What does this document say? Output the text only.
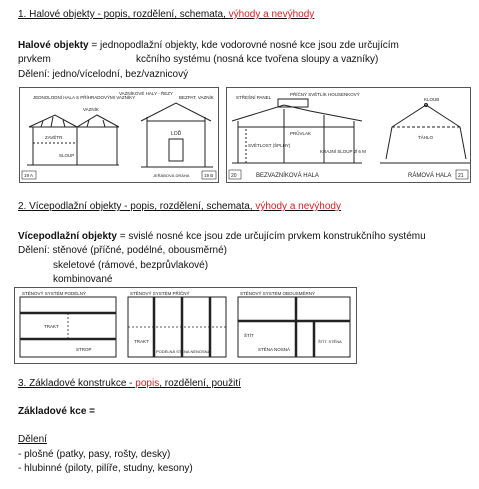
1. Halové objekty - popis, rozdělení, schemata, výhody a nevýhody
Halové objekty = jednopodlažní objekty, kde vodorovné nosné kce jsou zde určujícím
prvkem	kcčního systému (nosná kce tvořena sloupy a vazníky)
Dělení: jedno/vícelodní, bez/vaznicový
JEDNOLODNÍ HALA S PŘÍHRADOVÝMI VAZNÍKY
VAZNÍKOVÉ HALY - ŘEZY
ZAVĚTR.
SLOUP
VAZNÍK
BEZPAT. VAZNÍK
LOĎ
JEŘÁBOVÁ DRÁHA
19 A	19 B
STŘEŠNÍ PANEL
PŘÍČNÝ SVĚTLÍK HOUSENKOVÝ
PRŮVLAK
SVĚTLOST (ŠPLHY)
KRAJNÍ SLOUP Ø 6 M
KLOUB
TÁHLO
BEZVAZNÍKOVÁ HALA	RÁMOVÁ HALA
20	21
2. Vícepodlažní objekty - popis, rozdělení, schemata, výhody a nevýhody
Vícepodlažní objekty = svislé nosné kce jsou zde určujícím prvkem konstrukčního systému
Dělení: stěnové (příčné, podélné, obousměrné)
skeletové (rámové, bezprůvlakové)
kombinované
STĚNOVÝ SYSTÉM PODÉLNÝ
TRAKT
STROP
STĚNOVÝ SYSTÉM PŘÍČNÝ
TRAKT
PODÉLNÁ STĚNA NENOSNÁ
STĚNOVÝ SYSTÉM OBOUSMĚRNÝ
ŠTÍT
STĚNA NOSNÁ
ŠTÍT. STĚNA
3. Základové konstrukce - popis, rozdělení, použití
Základové kce =
Dělení
- plošné (patky, pasy, rošty, desky)
- hlubinné (piloty, pilíře, studny, kesony)
